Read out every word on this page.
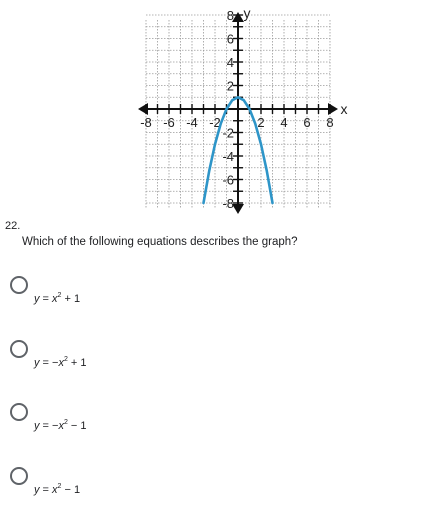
-8 -6 -4 -2	2 4 6 8
8
6
4
2
-2
-4
-6
-8
x
y
22.
Which of the following equations describes the graph?
$y = x^2 + 1$
$y = -x^2 + 1$
$y = -x^2 - 1$
$y = x^2 - 1$
